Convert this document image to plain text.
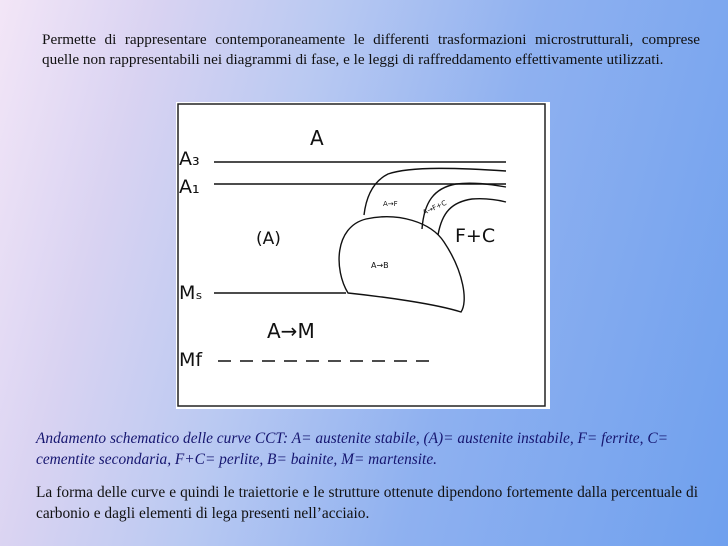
Permette di rappresentare contemporaneamente le differenti trasformazioni microstrutturali, comprese quelle non rappresentabili nei diagrammi di fase, e le leggi di raffreddamento effettivamente utilizzati.

A₃
A₁
Mₛ
Mf
A
(A)
A→F	A→F+C
F+C
A→B
A→M

Andamento schematico delle curve CCT: A= austenite stabile, (A)= austenite instabile, F= ferrite, C= cementite secondaria, F+C= perlite, B= bainite, M= martensite.

La forma delle curve e quindi le traiettorie e le strutture ottenute dipendono fortemente dalla percentuale di carbonio e dagli elementi di lega presenti nell’acciaio.
